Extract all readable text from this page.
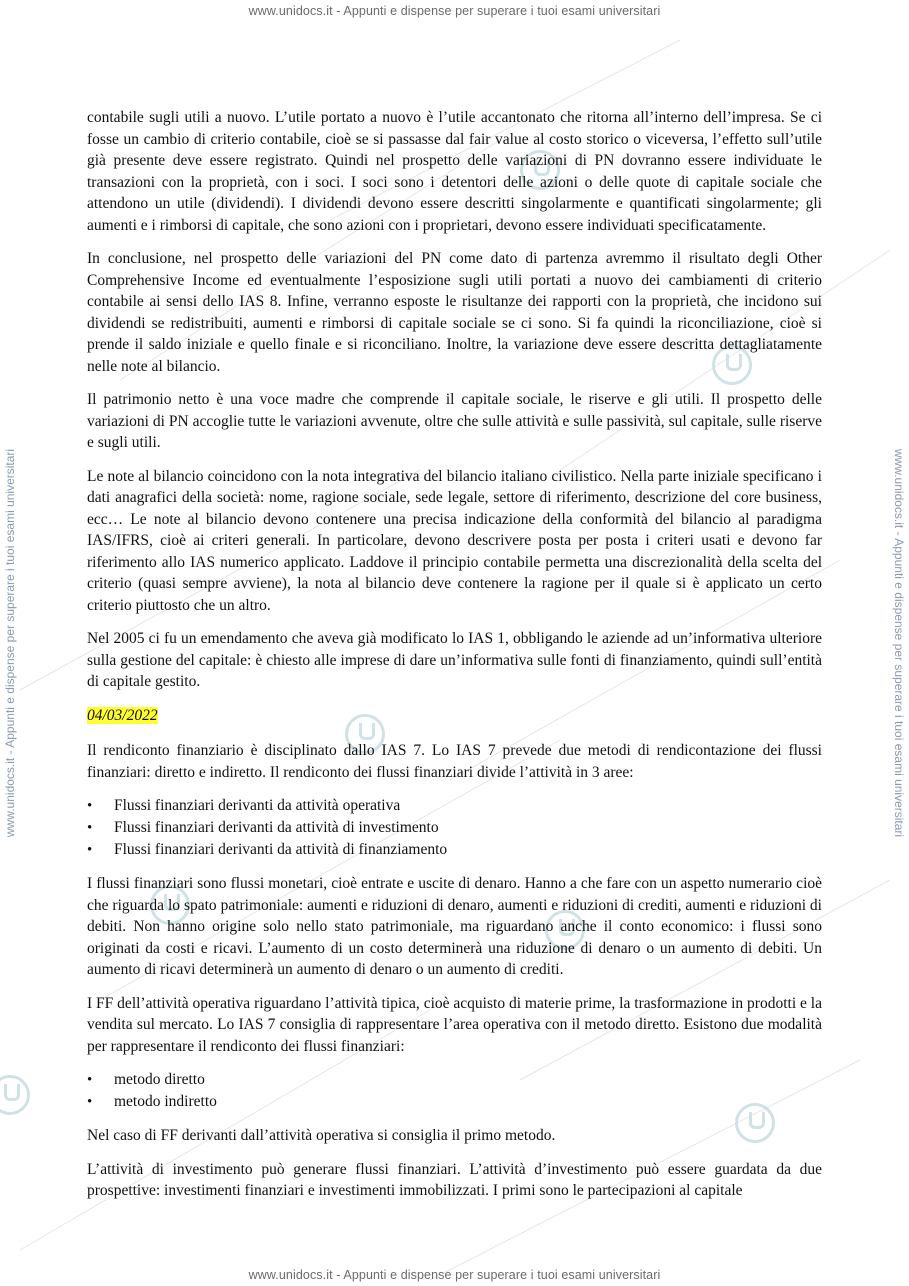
www.unidocs.it - Appunti e dispense per superare i tuoi esami universitari
www.unidocs.it - Appunti e dispense per superare i tuoi esami universitari	www.unidocs.it - Appunti e dispense per superare i tuoi esami universitari

contabile sugli utili a nuovo. L’utile portato a nuovo è l’utile accantonato che ritorna all’interno dell’impresa. Se ci fosse un cambio di criterio contabile, cioè se si passasse dal fair value al costo storico o viceversa, l’effetto sull’utile già presente deve essere registrato. Quindi nel prospetto delle variazioni di PN dovranno essere individuate le transazioni con la proprietà, con i soci. I soci sono i detentori delle azioni o delle quote di capitale sociale che attendono un utile (dividendi). I dividendi devono essere descritti singolarmente e quantificati singolarmente; gli aumenti e i rimborsi di capitale, che sono azioni con i proprietari, devono essere individuati specificatamente.

In conclusione, nel prospetto delle variazioni del PN come dato di partenza avremmo il risultato degli Other Comprehensive Income ed eventualmente l’esposizione sugli utili portati a nuovo dei cambiamenti di criterio contabile ai sensi dello IAS 8. Infine, verranno esposte le risultanze dei rapporti con la proprietà, che incidono sui dividendi se redistribuiti, aumenti e rimborsi di capitale sociale se ci sono. Si fa quindi la riconciliazione, cioè si prende il saldo iniziale e quello finale e si riconciliano. Inoltre, la variazione deve essere descritta dettagliatamente nelle note al bilancio.

Il patrimonio netto è una voce madre che comprende il capitale sociale, le riserve e gli utili. Il prospetto delle variazioni di PN accoglie tutte le variazioni avvenute, oltre che sulle attività e sulle passività, sul capitale, sulle riserve e sugli utili.

Le note al bilancio coincidono con la nota integrativa del bilancio italiano civilistico. Nella parte iniziale specificano i dati anagrafici della società: nome, ragione sociale, sede legale, settore di riferimento, descrizione del core business, ecc… Le note al bilancio devono contenere una precisa indicazione della conformità del bilancio al paradigma IAS/IFRS, cioè ai criteri generali. In particolare, devono descrivere posta per posta i criteri usati e devono far riferimento allo IAS numerico applicato. Laddove il principio contabile permetta una discrezionalità della scelta del criterio (quasi sempre avviene), la nota al bilancio deve contenere la ragione per il quale si è applicato un certo criterio piuttosto che un altro.

Nel 2005 ci fu un emendamento che aveva già modificato lo IAS 1, obbligando le aziende ad un’informativa ulteriore sulla gestione del capitale: è chiesto alle imprese di dare un’informativa sulle fonti di finanziamento, quindi sull’entità di capitale gestito.

04/03/2022

Il rendiconto finanziario è disciplinato dallo IAS 7. Lo IAS 7 prevede due metodi di rendicontazione dei flussi finanziari: diretto e indiretto. Il rendiconto dei flussi finanziari divide l’attività in 3 aree:

• Flussi finanziari derivanti da attività operativa
• Flussi finanziari derivanti da attività di investimento
• Flussi finanziari derivanti da attività di finanziamento

I flussi finanziari sono flussi monetari, cioè entrate e uscite di denaro. Hanno a che fare con un aspetto numerario cioè che riguarda lo spato patrimoniale: aumenti e riduzioni di denaro, aumenti e riduzioni di crediti, aumenti e riduzioni di debiti. Non hanno origine solo nello stato patrimoniale, ma riguardano anche il conto economico: i flussi sono originati da costi e ricavi. L’aumento di un costo determinerà una riduzione di denaro o un aumento di debiti. Un aumento di ricavi determinerà un aumento di denaro o un aumento di crediti.

I FF dell’attività operativa riguardano l’attività tipica, cioè acquisto di materie prime, la trasformazione in prodotti e la vendita sul mercato. Lo IAS 7 consiglia di rappresentare l’area operativa con il metodo diretto. Esistono due modalità per rappresentare il rendiconto dei flussi finanziari:

• metodo diretto
• metodo indiretto

Nel caso di FF derivanti dall’attività operativa si consiglia il primo metodo.

L’attività di investimento può generare flussi finanziari. L’attività d’investimento può essere guardata da due prospettive: investimenti finanziari e investimenti immobilizzati. I primi sono le partecipazioni al capitale

www.unidocs.it - Appunti e dispense per superare i tuoi esami universitari
